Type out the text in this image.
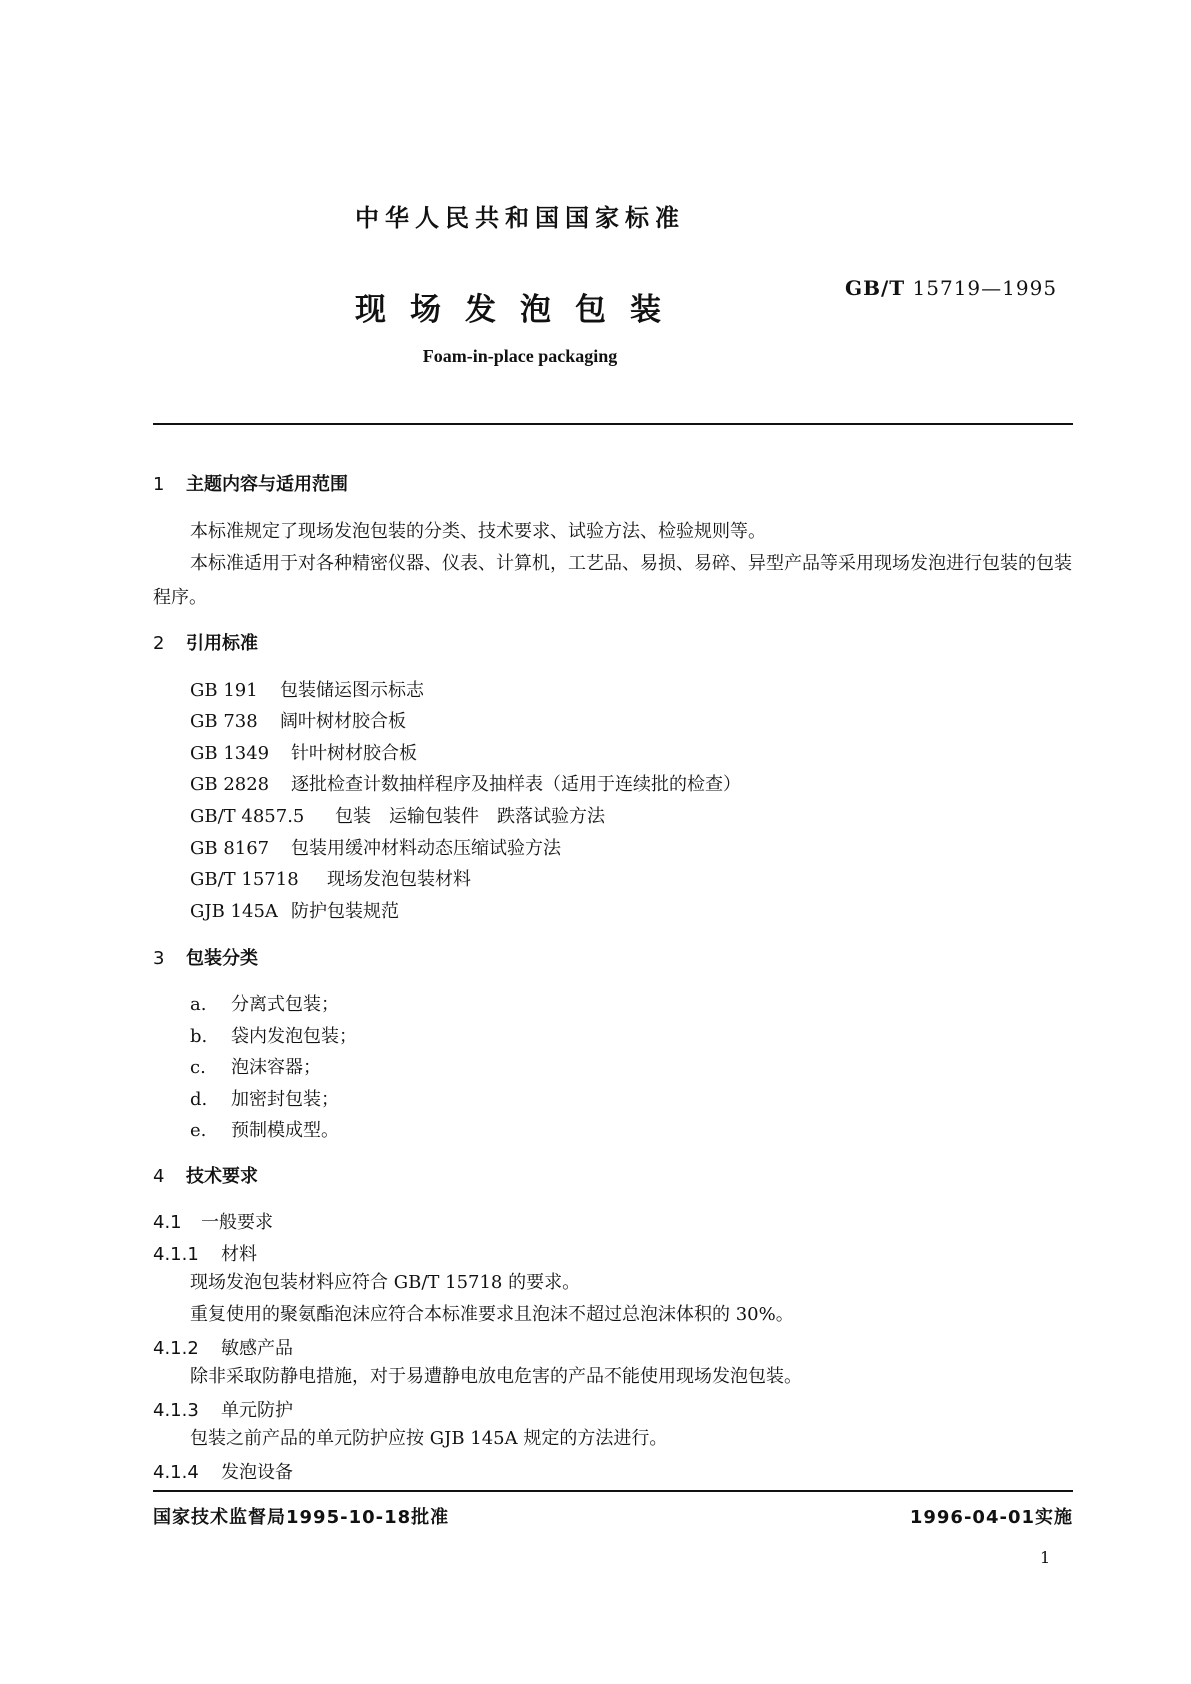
中华人民共和国国家标准
现场发泡包装
GB/T 15719—1995
Foam-in-place packaging
1 主题内容与适用范围
本标准规定了现场发泡包装的分类、技术要求、试验方法、检验规则等。
本标准适用于对各种精密仪器、仪表、计算机，工艺品、易损、易碎、异型产品等采用现场发泡进行包装的包装程序。
2 引用标准
GB 191 包装储运图示标志
GB 738 阔叶树材胶合板
GB 1349 针叶树材胶合板
GB 2828 逐批检查计数抽样程序及抽样表（适用于连续批的检查）
GB/T 4857.5 包装　运输包装件　跌落试验方法
GB 8167 包装用缓冲材料动态压缩试验方法
GB/T 15718 现场发泡包装材料
GJB 145A 防护包装规范
3 包装分类
a. 分离式包装；
b. 袋内发泡包装；
c. 泡沫容器；
d. 加密封包装；
e. 预制模成型。
4 技术要求
4.1 一般要求
4.1.1 材料
现场发泡包装材料应符合 GB/T 15718 的要求。
重复使用的聚氨酯泡沫应符合本标准要求且泡沫不超过总泡沫体积的 30%。
4.1.2 敏感产品
除非采取防静电措施，对于易遭静电放电危害的产品不能使用现场发泡包装。
4.1.3 单元防护
包装之前产品的单元防护应按 GJB 145A 规定的方法进行。
4.1.4 发泡设备
国家技术监督局1995-10-18批准	1996-04-01实施
1
